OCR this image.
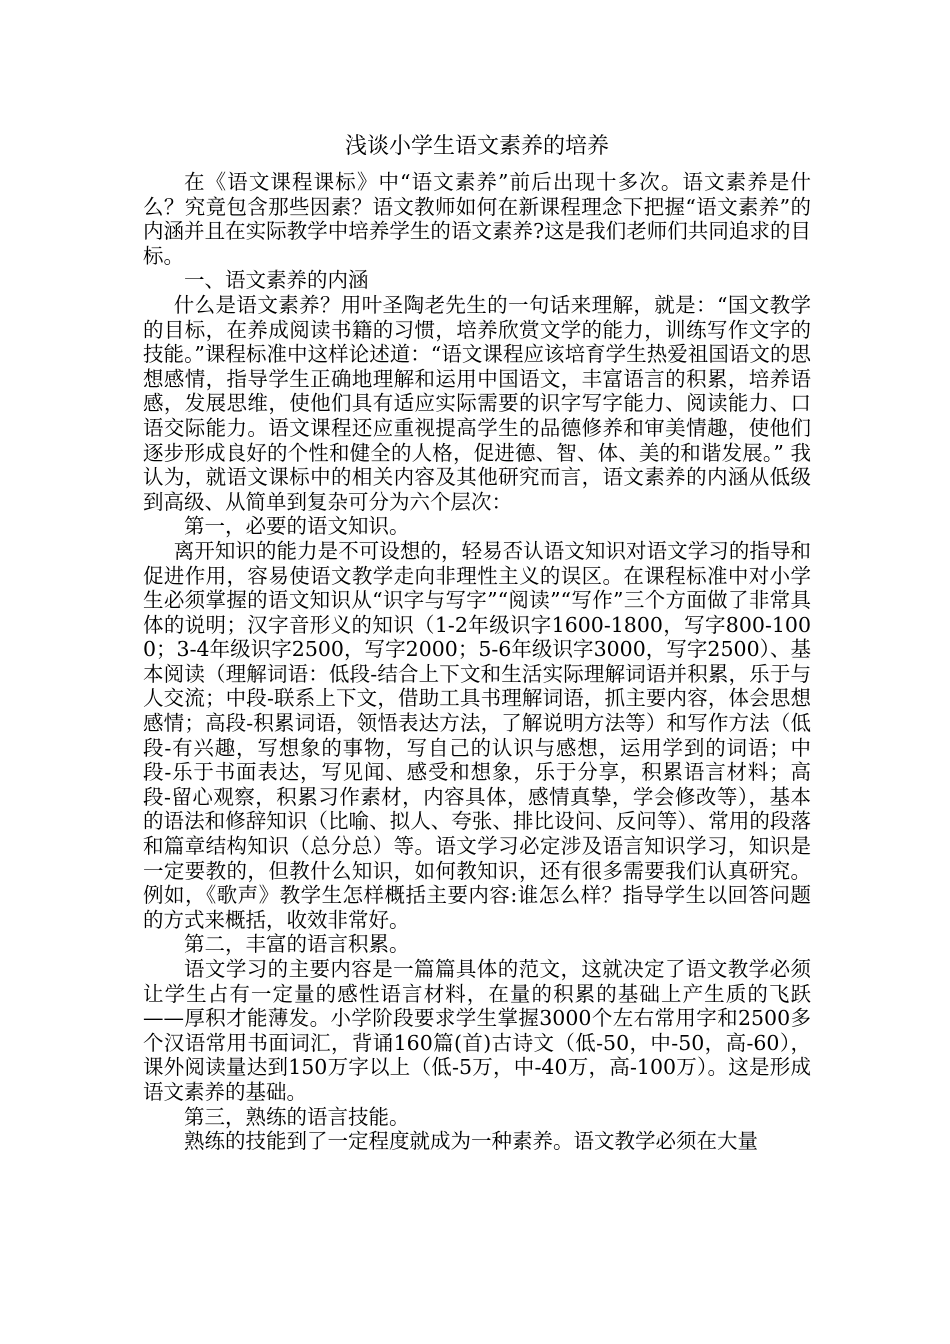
浅谈小学生语文素养的培养

在《语文课程课标》中“语文素养”前后出现十多次。语文素养是什么？究竟包含那些因素？语文教师如何在新课程理念下把握“语文素养”的内涵并且在实际教学中培养学生的语文素养?这是我们老师们共同追求的目标。

一、语文素养的内涵

什么是语文素养？用叶圣陶老先生的一句话来理解，就是：“国文教学的目标，在养成阅读书籍的习惯，培养欣赏文学的能力，训练写作文字的技能。”课程标准中这样论述道：“语文课程应该培育学生热爱祖国语文的思想感情，指导学生正确地理解和运用中国语文，丰富语言的积累，培养语感，发展思维，使他们具有适应实际需要的识字写字能力、阅读能力、口语交际能力。语文课程还应重视提高学生的品德修养和审美情趣，使他们逐步形成良好的个性和健全的人格，促进德、智、体、美的和谐发展。” 我认为，就语文课标中的相关内容及其他研究而言，语文素养的内涵从低级到高级、从简单到复杂可分为六个层次：

第一，必要的语文知识。

离开知识的能力是不可设想的，轻易否认语文知识对语文学习的指导和促进作用，容易使语文教学走向非理性主义的误区。在课程标准中对小学生必须掌握的语文知识从“识字与写字”“阅读”“写作”三个方面做了非常具体的说明；汉字音形义的知识（1-2年级识字1600-1800，写字800-1000；3-4年级识字2500，写字2000；5-6年级识字3000，写字2500）、基本阅读（理解词语：低段-结合上下文和生活实际理解词语并积累，乐于与人交流；中段-联系上下文，借助工具书理解词语，抓主要内容，体会思想感情；高段-积累词语，领悟表达方法，了解说明方法等）和写作方法（低段-有兴趣，写想象的事物，写自己的认识与感想，运用学到的词语；中段-乐于书面表达，写见闻、感受和想象，乐于分享，积累语言材料；高段-留心观察，积累习作素材，内容具体，感情真挚，学会修改等），基本的语法和修辞知识（比喻、拟人、夸张、排比设问、反问等）、常用的段落和篇章结构知识（总分总）等。语文学习必定涉及语言知识学习，知识是一定要教的，但教什么知识，如何教知识，还有很多需要我们认真研究。例如，《歌声》教学生怎样概括主要内容:谁怎么样？指导学生以回答问题的方式来概括，收效非常好。

第二，丰富的语言积累。

语文学习的主要内容是一篇篇具体的范文，这就决定了语文教学必须让学生占有一定量的感性语言材料，在量的积累的基础上产生质的飞跃——厚积才能薄发。小学阶段要求学生掌握3000个左右常用字和2500多个汉语常用书面词汇，背诵160篇(首)古诗文（低-50，中-50，高-60），课外阅读量达到150万字以上（低-5万，中-40万，高-100万）。这是形成语文素养的基础。

第三，熟练的语言技能。

熟练的技能到了一定程度就成为一种素养。语文教学必须在大量
